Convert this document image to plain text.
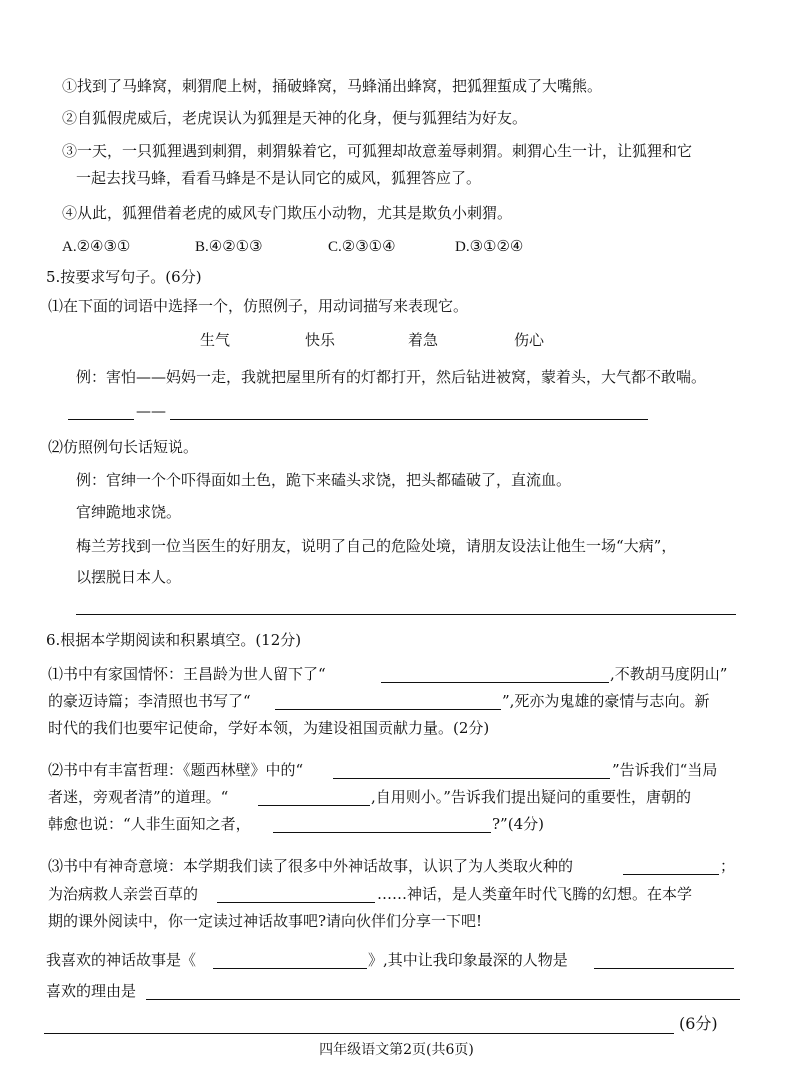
①找到了马蜂窝，刺猬爬上树，捅破蜂窝，马蜂涌出蜂窝，把狐狸蜇成了大嘴熊。
②自狐假虎威后，老虎误认为狐狸是天神的化身，便与狐狸结为好友。
③一天，一只狐狸遇到刺猬，刺猬躲着它，可狐狸却故意羞辱刺猬。刺猬心生一计，让狐狸和它
一起去找马蜂，看看马蜂是不是认同它的威风，狐狸答应了。
④从此，狐狸借着老虎的威风专门欺压小动物，尤其是欺负小刺猬。
A.②④③①	B.④②①③	C.②③①④	D.③①②④
5.按要求写句子。(6分)
⑴在下面的词语中选择一个，仿照例子，用动词描写来表现它。
生气	快乐	着急	伤心
例：害怕——妈妈一走，我就把屋里所有的灯都打开，然后钻进被窝，蒙着头，大气都不敢喘。
——
⑵仿照例句长话短说。
例：官绅一个个吓得面如土色，跪下来磕头求饶，把头都磕破了，直流血。
官绅跪地求饶。
梅兰芳找到一位当医生的好朋友，说明了自己的危险处境，请朋友设法让他生一场“大病”，
以摆脱日本人。
6.根据本学期阅读和积累填空。(12分)
⑴书中有家国情怀：王昌龄为世人留下了“	,不教胡马度阴山”
的豪迈诗篇；李清照也书写了“	”,死亦为鬼雄的豪情与志向。新
时代的我们也要牢记使命，学好本领，为建设祖国贡献力量。(2分)
⑵书中有丰富哲理：《题西林壁》中的“	”告诉我们“当局
者迷，旁观者清”的道理。“	,自用则小。”告诉我们提出疑问的重要性，唐朝的
韩愈也说：“人非生面知之者，	?”(4分)
⑶书中有神奇意境：本学期我们读了很多中外神话故事，认识了为人类取火种的	；
为治病救人亲尝百草的	……神话，是人类童年时代飞腾的幻想。在本学
期的课外阅读中，你一定读过神话故事吧?请向伙伴们分享一下吧!
我喜欢的神话故事是《	》,其中让我印象最深的人物是
喜欢的理由是
(6分)
四年级语文第2页(共6页)
